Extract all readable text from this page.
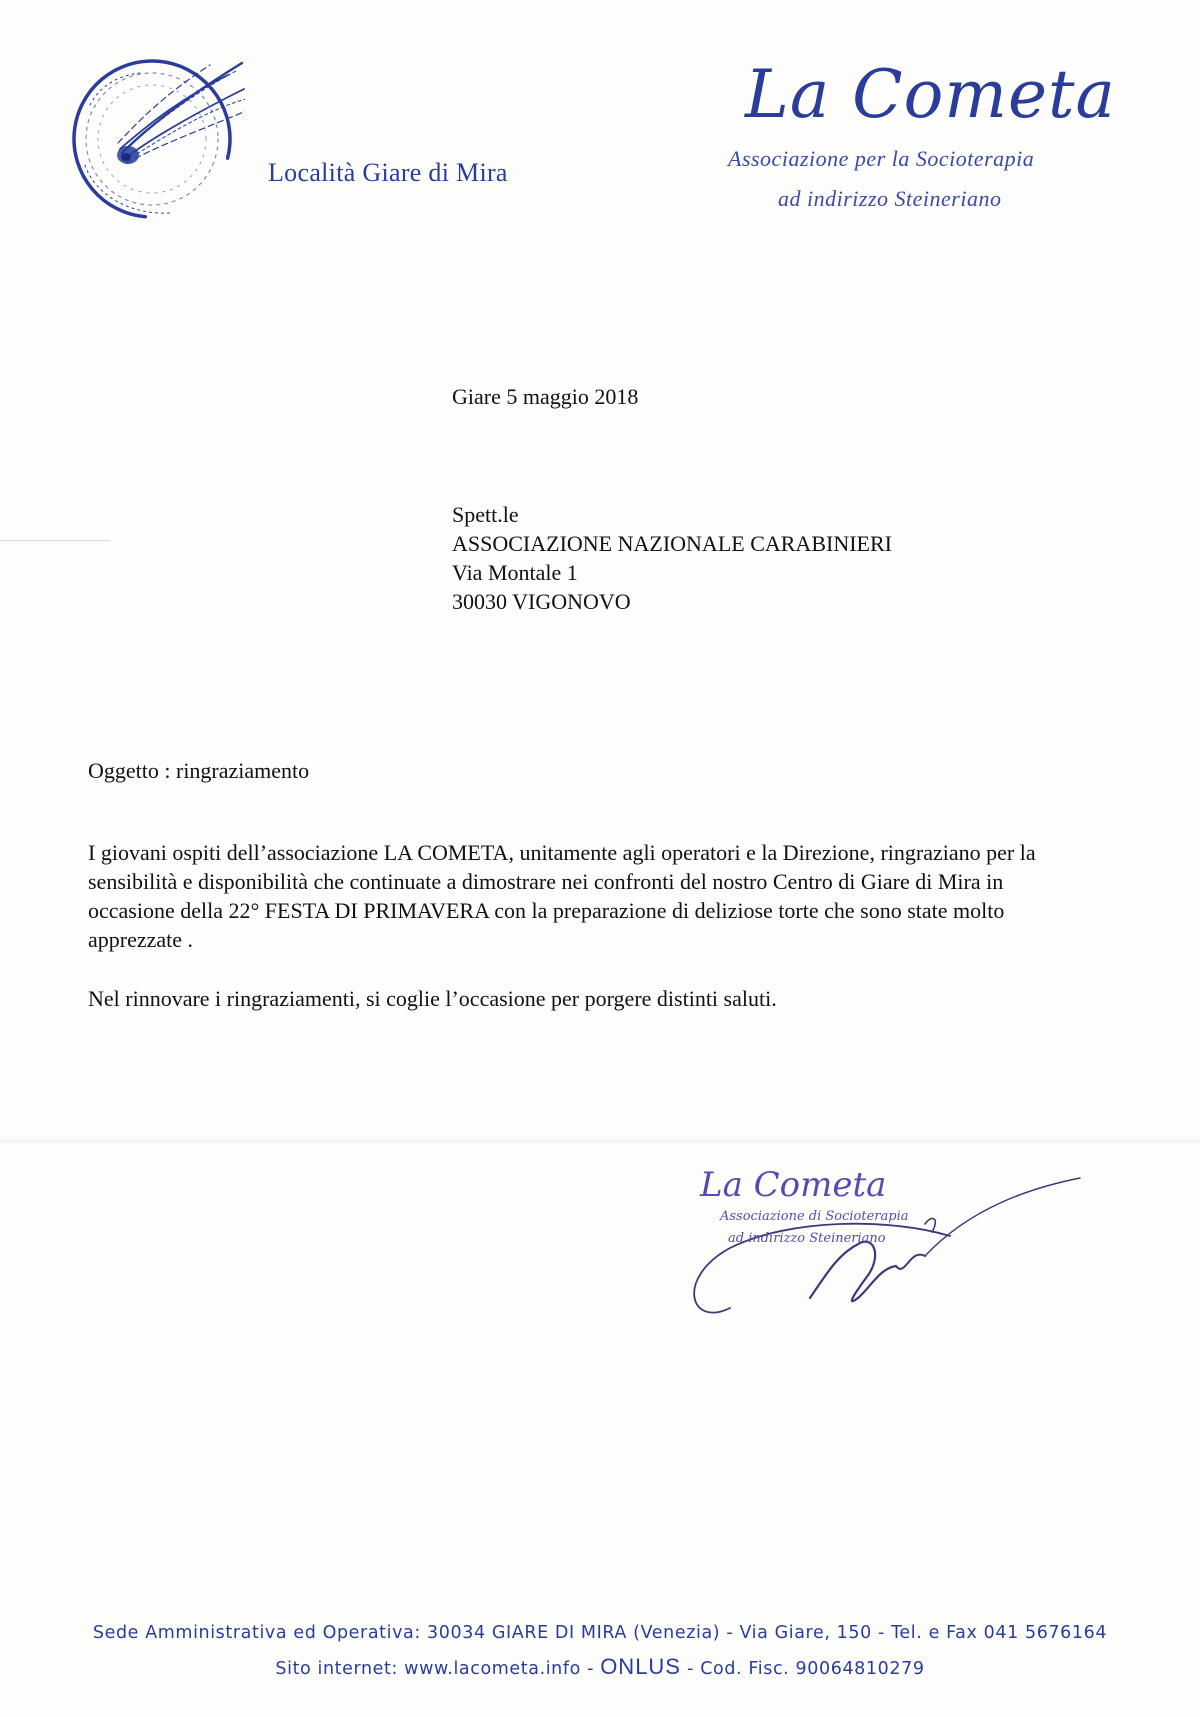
Località Giare di Mira
La Cometa
Associazione per la Socioterapia
ad indirizzo Steineriano
Giare 5 maggio 2018
Spett.le
ASSOCIAZIONE NAZIONALE CARABINIERI
Via Montale 1
30030 VIGONOVO
Oggetto : ringraziamento

I giovani ospiti dell’associazione LA COMETA, unitamente agli operatori e la Direzione, ringraziano per la sensibilità e disponibilità che continuate a dimostrare nei confronti del nostro Centro di Giare di Mira in occasione della 22° FESTA DI PRIMAVERA con la preparazione di deliziose torte che sono state molto apprezzate .

Nel rinnovare i ringraziamenti, si coglie l’occasione per porgere distinti saluti.

La Cometa
Associazione di Socioterapia
ad indirizzo Steineriano
Sede Amministrativa ed Operativa: 30034 GIARE DI MIRA (Venezia) - Via Giare, 150 - Tel. e Fax 041 5676164
Sito internet: www.lacometa.info - ONLUS - Cod. Fisc. 90064810279
